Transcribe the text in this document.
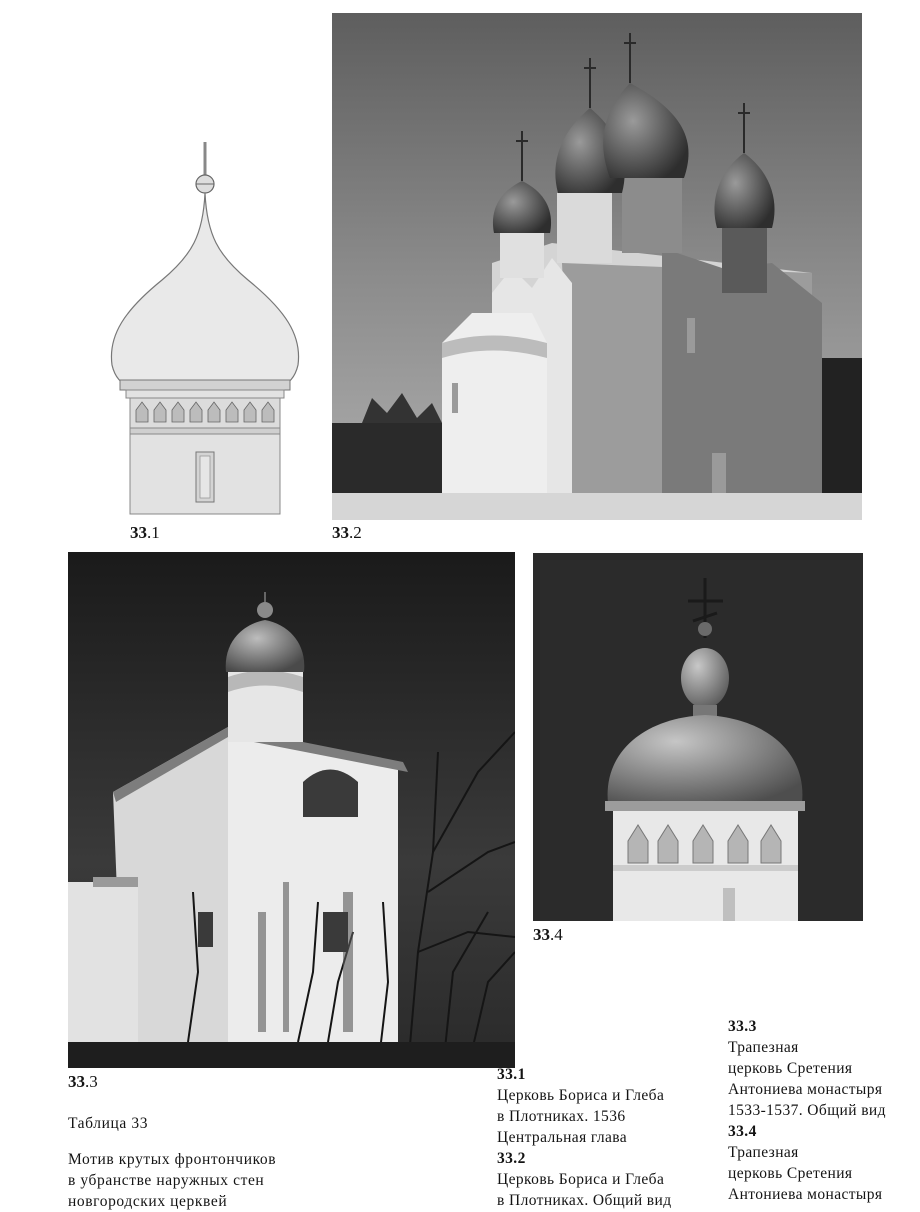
33.1	33.2
33.3
33.4
Таблица 33
Мотив крутых фронтончиков
в убранстве наружных стен
новгородских церквей
33.1
Церковь Бориса и Глеба
в Плотниках. 1536
Центральная глава
33.2
Церковь Бориса и Глеба
в Плотниках. Общий вид
33.3
Трапезная
церковь Сретения
Антониева монастыря
1533-1537. Общий вид
33.4
Трапезная
церковь Сретения
Антониева монастыря
